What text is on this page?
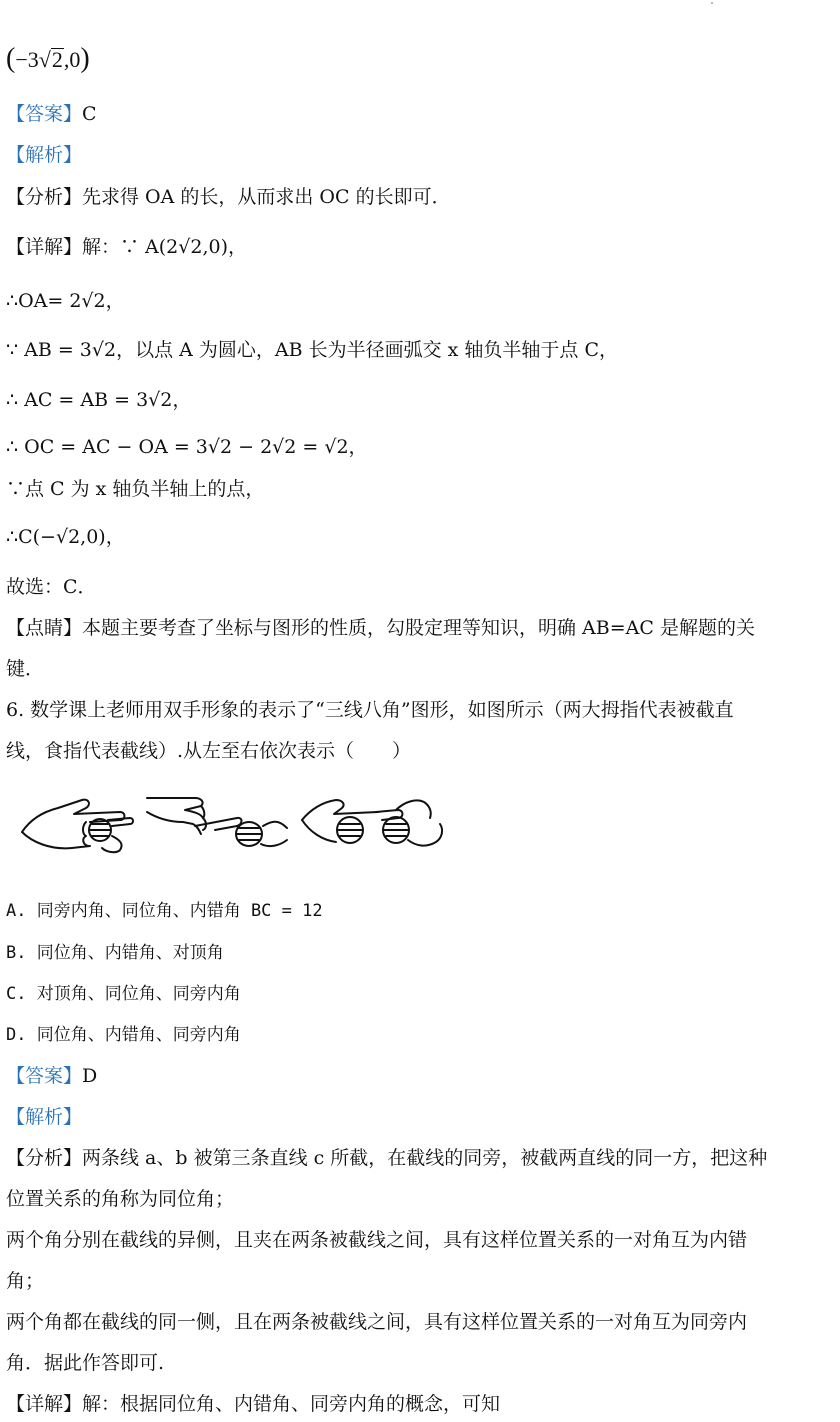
(−3√2,0)
【答案】C
【解析】
【分析】先求得 OA 的长，从而求出 OC 的长即可．
【详解】解：∵ A(2√2,0)，
∴OA= 2√2，
∵ AB = 3√2，以点 A 为圆心，AB 长为半径画弧交 x 轴负半轴于点 C，
∴ AC = AB = 3√2，
∴ OC = AC − OA = 3√2 − 2√2 = √2，
∵点 C 为 x 轴负半轴上的点，
∴C(−√2,0)，
故选：C．
【点睛】本题主要考查了坐标与图形的性质，勾股定理等知识，明确 AB=AC 是解题的关
键．
6. 数学课上老师用双手形象的表示了“三线八角”图形，如图所示（两大拇指代表被截直
线，食指代表截线）.从左至右依次表示（　　）
A. 同旁内角、同位角、内错角 BC = 12
B. 同位角、内错角、对顶角
C. 对顶角、同位角、同旁内角
D. 同位角、内错角、同旁内角
【答案】D
【解析】
【分析】两条线 a、b 被第三条直线 c 所截，在截线的同旁，被截两直线的同一方，把这种
位置关系的角称为同位角；
两个角分别在截线的异侧，且夹在两条被截线之间，具有这样位置关系的一对角互为内错
角；
两个角都在截线的同一侧，且在两条被截线之间，具有这样位置关系的一对角互为同旁内
角．据此作答即可.
【详解】解：根据同位角、内错角、同旁内角的概念，可知
